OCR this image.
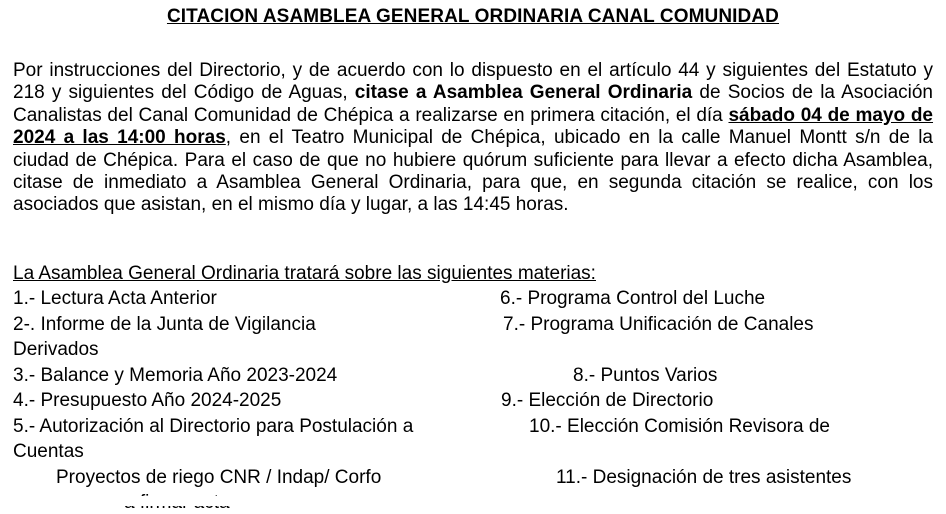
CITACION ASAMBLEA GENERAL ORDINARIA CANAL COMUNIDAD
Por instrucciones del Directorio, y de acuerdo con lo dispuesto en el artículo 44 y siguientes del Estatuto y 218 y siguientes del Código de Aguas, citase a Asamblea General Ordinaria de Socios de la Asociación Canalistas del Canal Comunidad de Chépica a realizarse en primera citación, el día sábado 04 de mayo de 2024 a las 14:00 horas, en el Teatro Municipal de Chépica, ubicado en la calle Manuel Montt s/n de la ciudad de Chépica. Para el caso de que no hubiere quórum suficiente para llevar a efecto dicha Asamblea, citase de inmediato a Asamblea General Ordinaria, para que, en segunda citación se realice, con los asociados que asistan, en el mismo día y lugar, a las 14:45 horas.
La Asamblea General Ordinaria tratará sobre las siguientes materias:
1.- Lectura Acta Anterior	6.- Programa Control del Luche
2-. Informe de la Junta de Vigilancia	7.- Programa Unificación de Canales
Derivados
3.- Balance y Memoria Año 2023-2024	8.- Puntos Varios
4.- Presupuesto Año 2024-2025	9.- Elección de Directorio
5.- Autorización al Directorio para Postulación a	10.- Elección Comisión Revisora de
Cuentas
Proyectos de riego CNR / Indap/ Corfo	11.- Designación de tres asistentes
